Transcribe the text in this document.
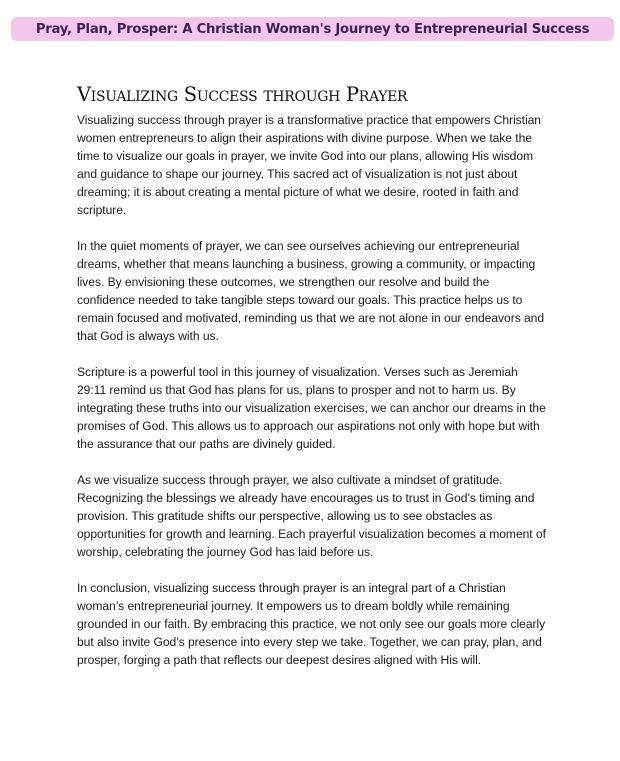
Pray, Plan, Prosper: A Christian Woman's Journey to Entrepreneurial Success
Visualizing Success through Prayer

Visualizing success through prayer is a transformative practice that empowers Christian women entrepreneurs to align their aspirations with divine purpose. When we take the time to visualize our goals in prayer, we invite God into our plans, allowing His wisdom and guidance to shape our journey. This sacred act of visualization is not just about dreaming; it is about creating a mental picture of what we desire, rooted in faith and scripture.

In the quiet moments of prayer, we can see ourselves achieving our entrepreneurial dreams, whether that means launching a business, growing a community, or impacting lives. By envisioning these outcomes, we strengthen our resolve and build the confidence needed to take tangible steps toward our goals. This practice helps us to remain focused and motivated, reminding us that we are not alone in our endeavors and that God is always with us.

Scripture is a powerful tool in this journey of visualization. Verses such as Jeremiah 29:11 remind us that God has plans for us, plans to prosper and not to harm us. By integrating these truths into our visualization exercises, we can anchor our dreams in the promises of God. This allows us to approach our aspirations not only with hope but with the assurance that our paths are divinely guided.

As we visualize success through prayer, we also cultivate a mindset of gratitude. Recognizing the blessings we already have encourages us to trust in God’s timing and provision. This gratitude shifts our perspective, allowing us to see obstacles as opportunities for growth and learning. Each prayerful visualization becomes a moment of worship, celebrating the journey God has laid before us.

In conclusion, visualizing success through prayer is an integral part of a Christian woman’s entrepreneurial journey. It empowers us to dream boldly while remaining grounded in our faith. By embracing this practice, we not only see our goals more clearly but also invite God’s presence into every step we take. Together, we can pray, plan, and prosper, forging a path that reflects our deepest desires aligned with His will.
